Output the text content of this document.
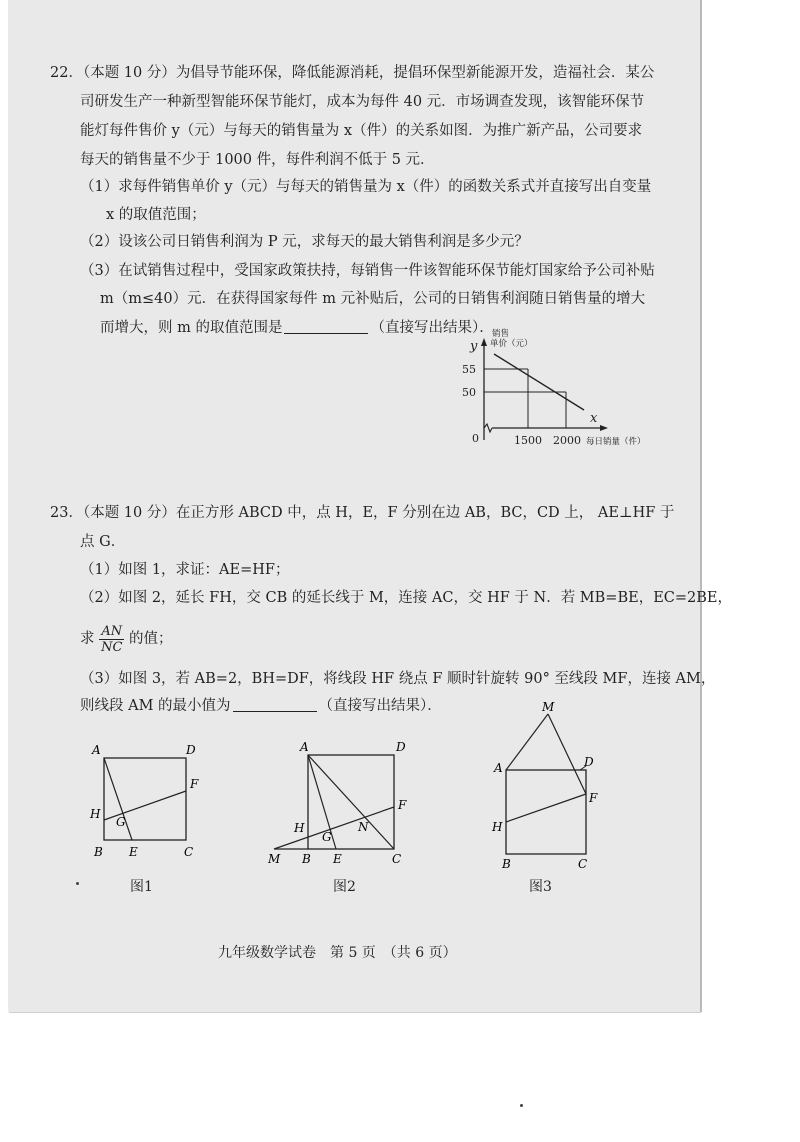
22．（本题 10 分）为倡导节能环保，降低能源消耗，提倡环保型新能源开发，造福社会．某公
司研发生产一种新型智能环保节能灯，成本为每件 40 元．市场调查发现，该智能环保节
能灯每件售价 y（元）与每天的销售量为 x（件）的关系如图．为推广新产品，公司要求
每天的销售量不少于 1000 件，每件利润不低于 5 元．
（1）求每件销售单价 y（元）与每天的销售量为 x（件）的函数关系式并直接写出自变量
x 的取值范围；
（2）设该公司日销售利润为 P 元，求每天的最大销售利润是多少元？
（3）在试销售过程中，受国家政策扶持，每销售一件该智能环保节能灯国家给予公司补贴
m（m≤40）元．在获得国家每件 m 元补贴后，公司的日销售利润随日销售量的增大
而增大，则 m 的取值范围是	（直接写出结果）．
销售
单价（元）
y
x
55
50
0	1500 2000 每日销量（件）
23．（本题 10 分）在正方形 ABCD 中，点 H，E，F 分别在边 AB，BC，CD 上， AE⊥HF 于
点 G．
（1）如图 1，求证：AE=HF；
（2）如图 2，延长 FH，交 CB 的延长线于 M，连接 AC，交 HF 于 N．若 MB=BE，EC=2BE，
求 $\frac{AN}{NC}$ 的值；
（3）如图 3，若 AB=2，BH=DF，将线段 HF 绕点 F 顺时针旋转 90° 至线段 MF，连接 AM，
则线段 AM 的最小值为	（直接写出结果）．
A	D
F
H
G
B E	C
图1
A	D
F
H
G
N
M B E	C
图2
M
A	D
F
H
B	C
图3
九年级数学试卷　第 5 页　（共 6 页）
